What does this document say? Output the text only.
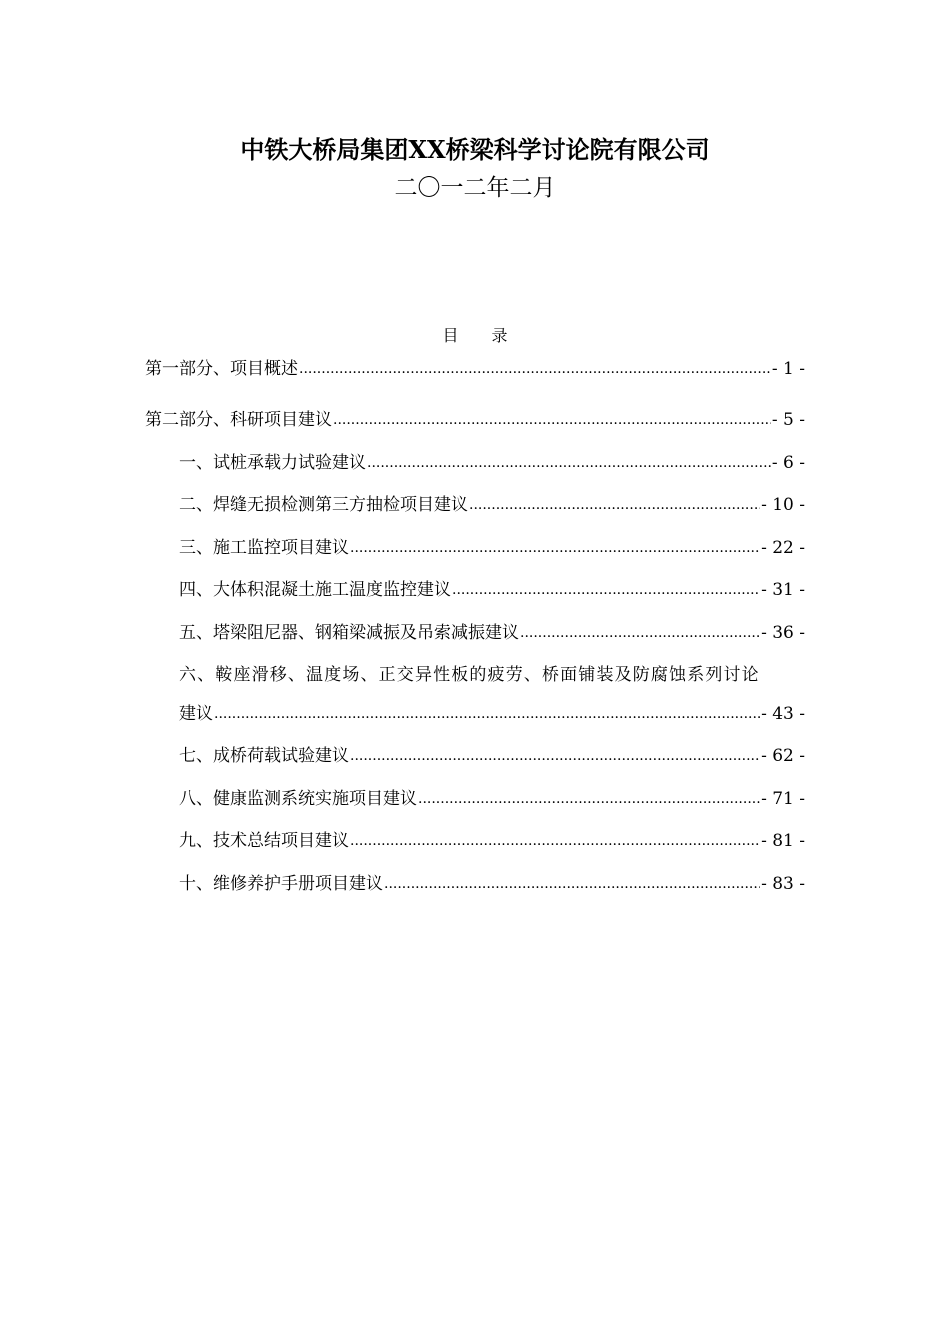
中铁大桥局集团XX桥梁科学讨论院有限公司
二〇一二年二月
目 录
第一部分、项目概述 .....	- 1 -
第二部分、科研项目建议 .....	- 5 -
一、试桩承载力试验建议 .....	- 6 -
二、焊缝无损检测第三方抽检项目建议 .....	- 10 -
三、施工监控项目建议 .....	- 22 -
四、大体积混凝土施工温度监控建议 .....	- 31 -
五、塔梁阻尼器、钢箱梁减振及吊索减振建议 .....	- 36 -
六、鞍座滑移、温度场、正交异性板的疲劳、桥面铺装及防腐蚀系列讨论
建议 .....	- 43 -
七、成桥荷载试验建议 .....	- 62 -
八、健康监测系统实施项目建议 .....	- 71 -
九、技术总结项目建议 .....	- 81 -
十、维修养护手册项目建议 .....	- 83 -
